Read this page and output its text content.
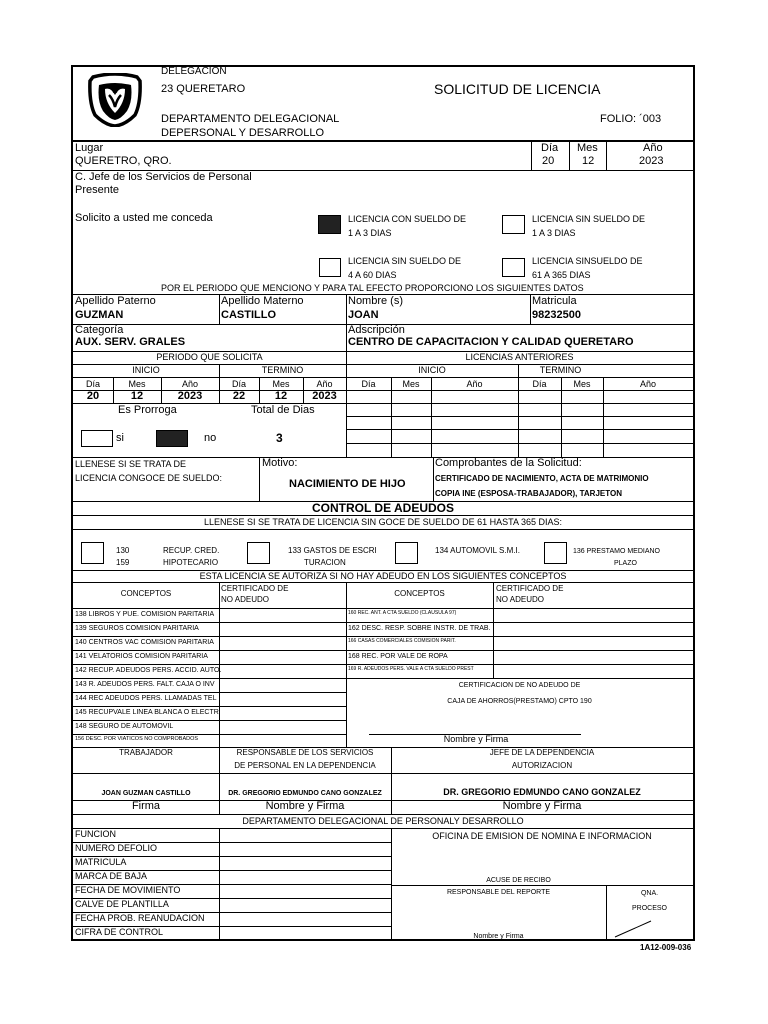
DELEGACION
23 QUERETARO	SOLICITUD DE LICENCIA
DEPARTAMENTO DELEGACIONAL
DEPERSONAL Y DESARROLLO
FOLIO: ´003
Lugar
QUERETRO, QRO.
Día Mes	Año
20	12	2023
C. Jefe de los Servicios de Personal
Presente
Solicito a usted me conceda	LICENCIA CON SUELDO DE
1 A 3 DIAS
LICENCIA SIN SUELDO DE
1 A 3 DIAS
LICENCIA SIN SUELDO DE
4 A 60 DIAS
LICENCIA SINSUELDO DE
61 A 365 DIAS
POR EL PERIODO QUE MENCIONO Y PARA TAL EFECTO PROPORCIONO LOS SIGUIENTES DATOS
Apellido Paterno
GUZMAN
Apellido Materno
CASTILLO
Nombre (s)
JOAN
Matricula
98232500
Categoría
AUX. SERV. GRALES
Adscripción
CENTRO DE CAPACITACION Y CALIDAD QUERETARO
PERIODO QUE SOLICITA	LICENCIAS ANTERIORES
INICIO	TERMINO	INICIO	TERMINO
Día	Mes	Año	Día	Mes	Año	Día	Mes	Año	Día	Mes	Año
20	12	2023	22	12	2023
Es Prorroga	Total de Dias
si	no	3
LLENESE SI SE TRATA DE
LICENCIA CONGOCE DE SUELDO:
Motivo:
NACIMIENTO DE HIJO
Comprobantes de la Solicitud:
CERTIFICADO DE NACIMIENTO, ACTA DE MATRIMONIO
COPIA INE (ESPOSA-TRABAJADOR), TARJETON
CONTROL DE ADEUDOS
LLENESE SI SE TRATA DE LICENCIA SIN GOCE DE SUELDO DE 61 HASTA 365 DIAS:
130
159
RECUP. CRED.
HIPOTECARIO
133 GASTOS DE ESCRI
TURACION
134 AUTOMOVIL S.M.I.	136 PRESTAMO MEDIANO
PLAZO
ESTA LICENCIA SE AUTORIZA SI NO HAY ADEUDO EN LOS SIGUIENTES CONCEPTOS
CONCEPTOS
CERTIFICADO DE
NO ADEUDO
CONCEPTOS
CERTIFICADO DE
NO ADEUDO
138 LIBROS Y PUE. COMISION PARITARIA
139 SEGUROS COMISION PARITARIA
140 CENTROS VAC COMISION PARITARIA
141 VELATORIOS COMISION PARITARIA
142 RECUP. ADEUDOS PERS. ACCID. AUTO.
143 R. ADEUDOS PERS. FALT. CAJA O INV
144 REC ADEUDOS PERS. LLAMADAS TEL
145 RECUPVALE LINEA BLANCA O ELECTR
148 SEGURO DE AUTOMOVIL
156 DESC. POR VIATICOS NO COMPROBADOS
160 REC. ANT. A CTA SUELDO (CLAUSULA 97)
162 DESC. RESP. SOBRE INSTR. DE TRAB.
166 CASAS COMERCIALES COMISION PARIT.
168 REC. POR VALE DE ROPA
169 R. ADEUDOS PERS. VALE A CTA SUELDO PREST
CERTIFICACION DE NO ADEUDO DE
CAJA DE AHORROS(PRESTAMO) CPTO 190
Nombre y Firma
TRABAJADOR	RESPONSABLE DE LOS SERVICIOS
DE PERSONAL EN LA DEPENDENCIA
JEFE DE LA DEPENDENCIA
AUTORIZACION
JOAN GUZMAN CASTILLO	DR. GREGORIO EDMUNDO CANO GONZALEZ	DR. GREGORIO EDMUNDO CANO GONZALEZ
Firma	Nombre y Firma	Nombre y Firma
DEPARTAMENTO DELEGACIONAL DE PERSONALY DESARROLLO
FUNCION
NUMERO DEFOLIO
MATRICULA
MARCA DE BAJA
FECHA DE MOVIMIENTO
CALVE DE PLANTILLA
FECHA PROB. REANUDACION
CIFRA DE CONTROL
OFICINA DE EMISION DE NOMINA E INFORMACION
ACUSE DE RECIBO
RESPONSABLE DEL REPORTE	QNA.
PROCESO
Nombre y Firma
1A12-009-036
